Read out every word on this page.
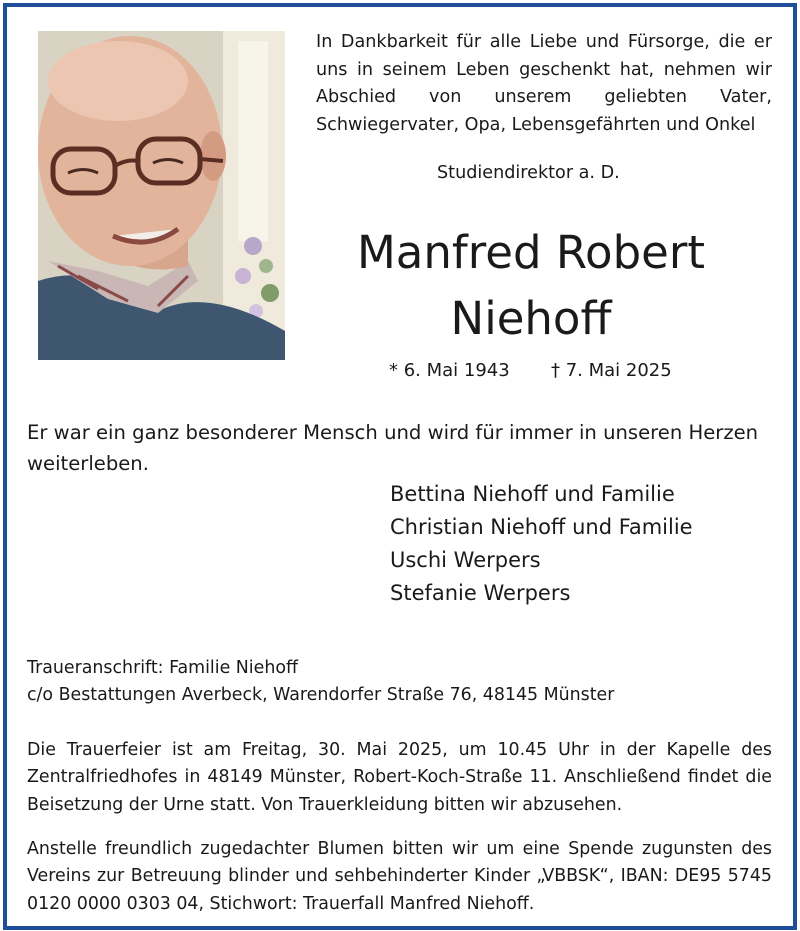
In Dankbarkeit für alle Liebe und Fürsorge, die er uns in seinem Leben geschenkt hat, nehmen wir Abschied von unserem geliebten Vater, Schwiegervater, Opa, Lebensgefährten und Onkel
Studiendirektor a. D.
Manfred Robert
Niehoff
* 6. Mai 1943 † 7. Mai 2025
Er war ein ganz besonderer Mensch und wird für immer in unseren Herzen weiterleben.
Bettina Niehoff und Familie
Christian Niehoff und Familie
Uschi Werpers
Stefanie Werpers
Traueranschrift: Familie Niehoff
c/o Bestattungen Averbeck, Warendorfer Straße 76, 48145 Münster
Die Trauerfeier ist am Freitag, 30. Mai 2025, um 10.45 Uhr in der Kapelle des Zentralfriedhofes in 48149 Münster, Robert-Koch-Straße 11. Anschließend findet die Beisetzung der Urne statt. Von Trauerkleidung bitten wir abzusehen.
Anstelle freundlich zugedachter Blumen bitten wir um eine Spende zugunsten des Vereins zur Betreuung blinder und sehbehinderter Kinder „VBBSK“, IBAN: DE95 5745 0120 0000 0303 04, Stichwort: Trauerfall Manfred Niehoff.
